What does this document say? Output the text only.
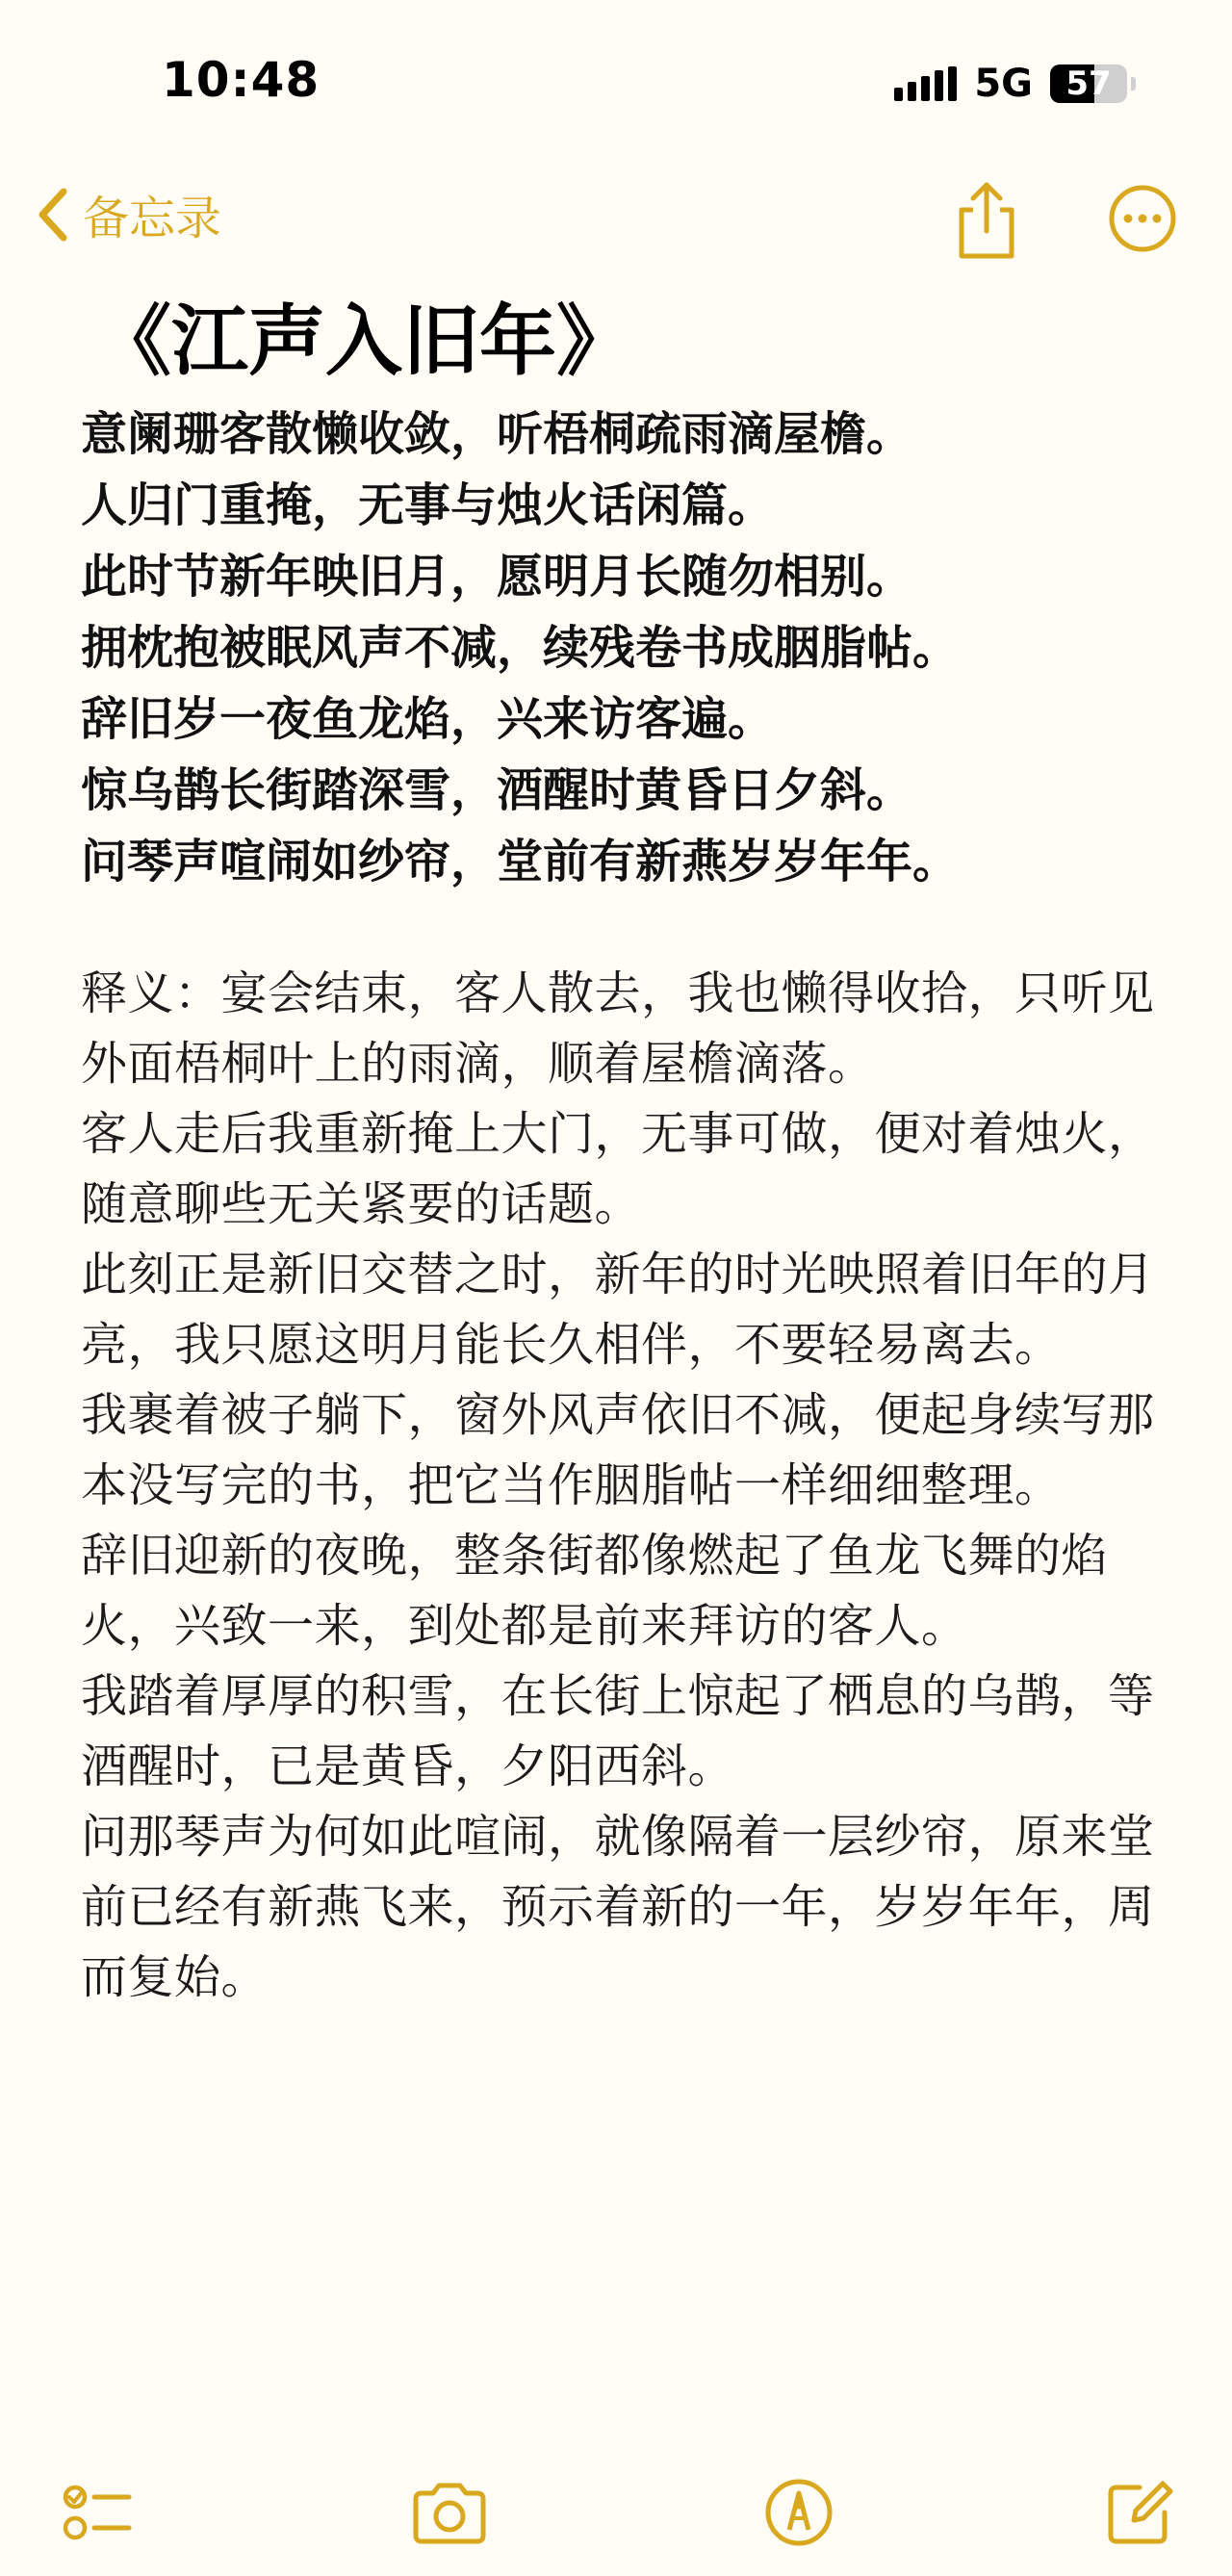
10:48	5G	57
备忘录
《江声入旧年》
意阑珊客散懒收敛，听梧桐疏雨滴屋檐。
人归门重掩，无事与烛火话闲篇。
此时节新年映旧月，愿明月长随勿相别。
拥枕抱被眠风声不减，续残卷书成胭脂帖。
辞旧岁一夜鱼龙焰，兴来访客遍。
惊乌鹊长街踏深雪，酒醒时黄昏日夕斜。
问琴声喧闹如纱帘，堂前有新燕岁岁年年。
释义：宴会结束，客人散去，我也懒得收拾，只听见外面梧桐叶上的雨滴，顺着屋檐滴落。
客人走后我重新掩上大门，无事可做，便对着烛火，随意聊些无关紧要的话题。
此刻正是新旧交替之时，新年的时光映照着旧年的月亮，我只愿这明月能长久相伴，不要轻易离去。
我裹着被子躺下，窗外风声依旧不减，便起身续写那本没写完的书，把它当作胭脂帖一样细细整理。
辞旧迎新的夜晚，整条街都像燃起了鱼龙飞舞的焰火，兴致一来，到处都是前来拜访的客人。
我踏着厚厚的积雪，在长街上惊起了栖息的乌鹊，等酒醒时，已是黄昏，夕阳西斜。
问那琴声为何如此喧闹，就像隔着一层纱帘，原来堂前已经有新燕飞来，预示着新的一年，岁岁年年，周而复始。
